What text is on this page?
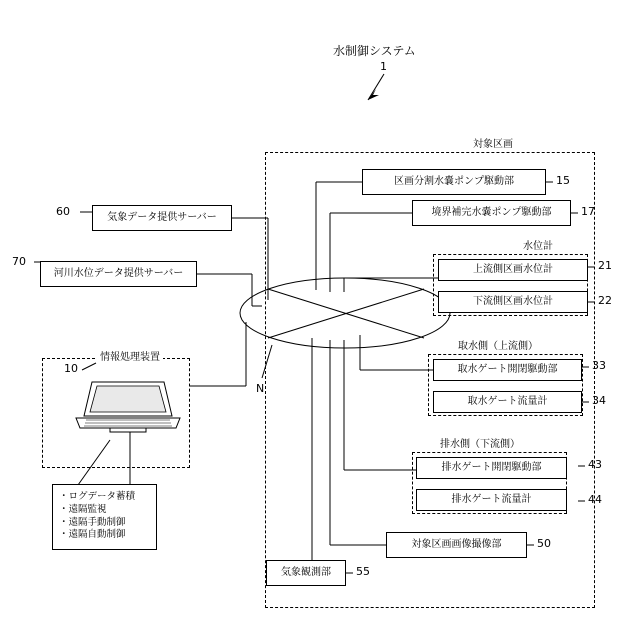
水制御システム
1
対象区画
水位計
取水側（上流側）
排水側（下流側）
情報処理装置
10
気象データ提供サーバー
60
河川水位データ提供サーバー
70
区画分割水嚢ポンプ駆動部	15
境界補完水嚢ポンプ駆動部	17
上流側区画水位計	21
下流側区画水位計	22
取水ゲート開閉駆動部	33
取水ゲート流量計	34
排水ゲート開閉駆動部	43
排水ゲート流量計	44
対象区画画像撮像部	50
気象観測部 55
N
・ログデータ蓄積
・遠隔監視
・遠隔手動制御
・遠隔自動制御
